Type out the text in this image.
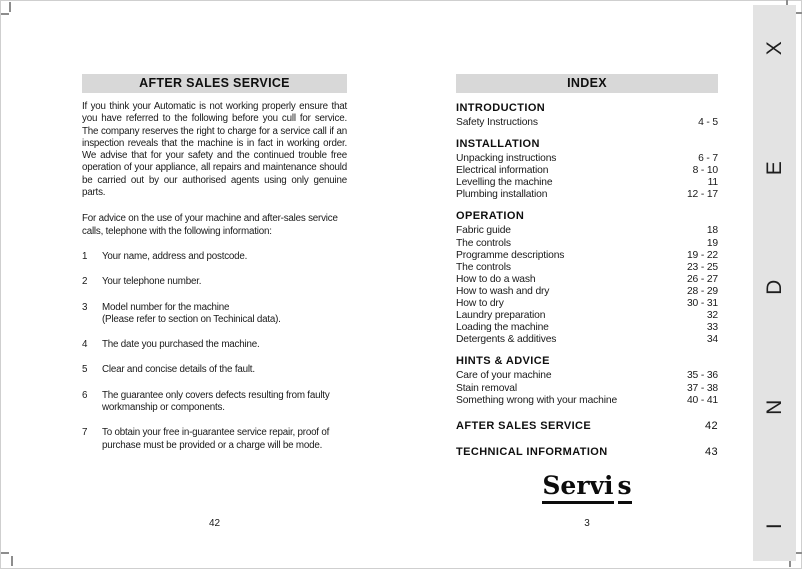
AFTER SALES SERVICE

If you think your Automatic is not working properly ensure that you have referred to the following before you cull for service. The company reserves the right to charge for a service call if an inspection reveals that the machine is in fact in working order. We advise that for your safety and the continued trouble free operation of your appliance, all repairs and maintenance should be carried out by our authorised agents using only genuine parts.

For advice on the use of your machine and after-sales service calls, telephone with the following information:

1	Your name, address and postcode.
2	Your telephone number.
3	Model number for the machine
(Please refer to section on Techinical data).
4	The date you purchased the machine.
5	Clear and concise details of the fault.
6	The guarantee only covers defects resulting from faulty workmanship or components.
7	To obtain your free in-guarantee service repair, proof of purchase must be provided or a charge will be mode.
INDEX
INTRODUCTION
Safety Instructions	4 - 5
INSTALLATION
Unpacking instructions	6 - 7
Electrical information	8 - 10
Levelling the machine	11
Plumbing installation	12 - 17
OPERATION
Fabric guide	18
The controls	19
Programme descriptions	19 - 22
The controls	23 - 25
How to do a wash	26 - 27
How to wash and dry	28 - 29
How to dry	30 - 31
Laundry preparation	32
Loading the machine	33
Detergents & additives	34
HINTS & ADVICE
Care of your machine	35 - 36
Stain removal	37 - 38
Something wrong with your machine	40 - 41
AFTER SALES SERVICE	42
TECHNICAL INFORMATION	43
Servi s
42	3
X
E
D
N
I
